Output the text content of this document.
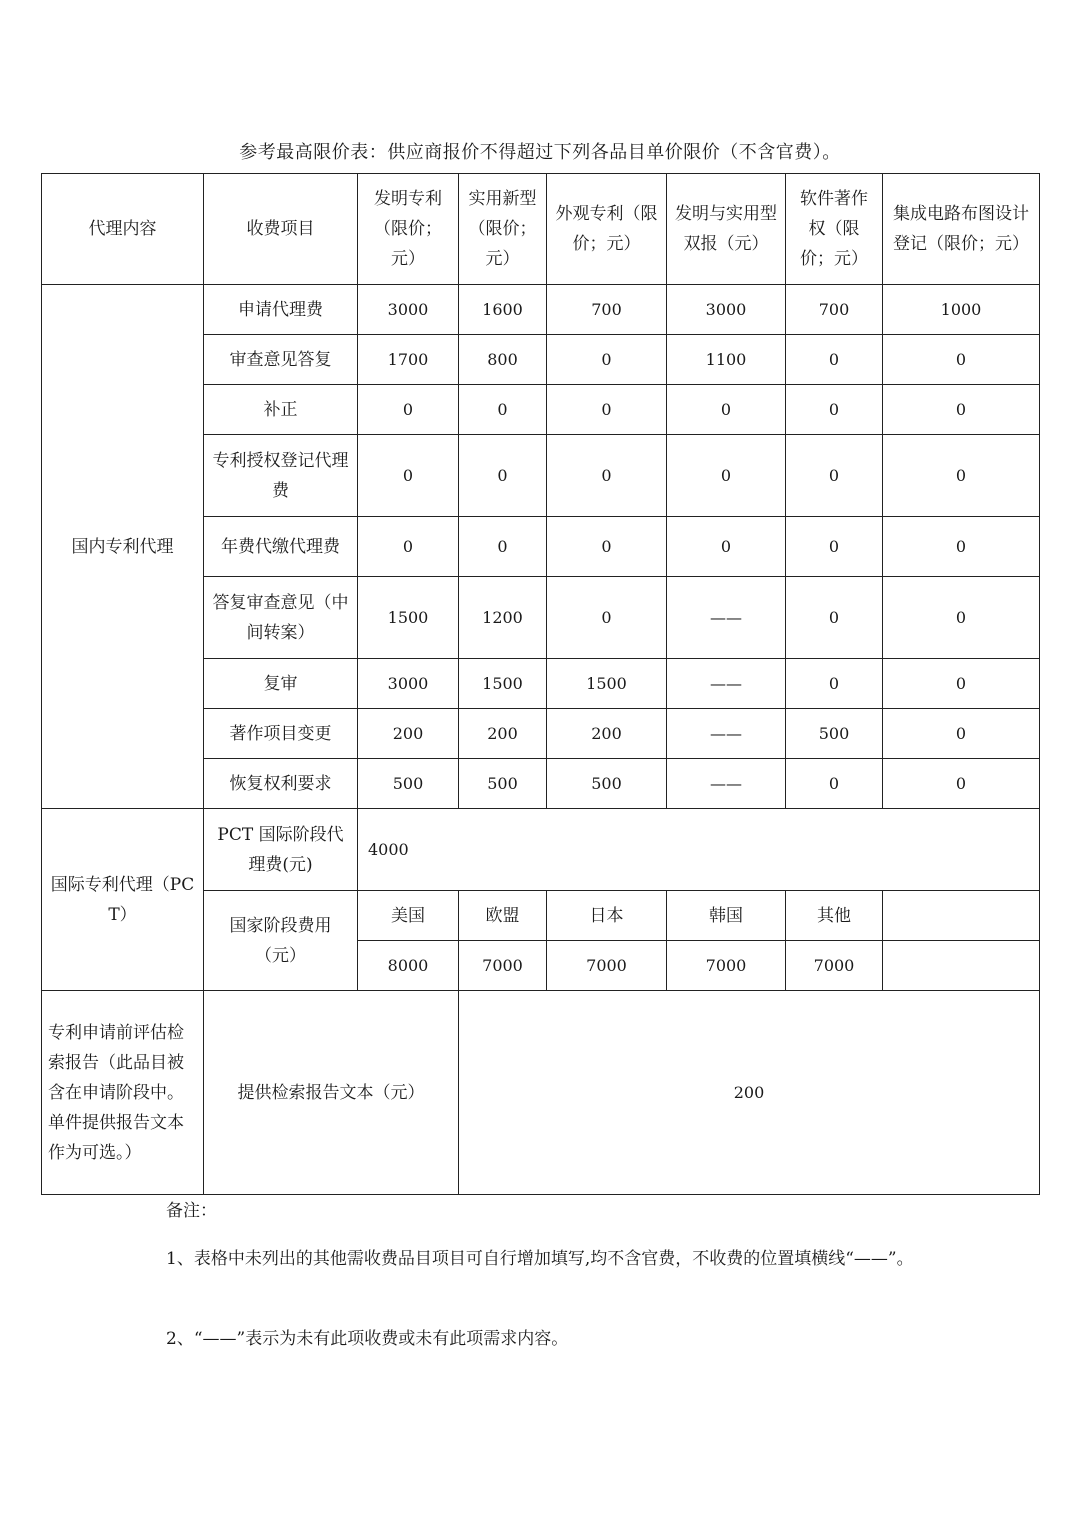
参考最高限价表：供应商报价不得超过下列各品目单价限价（不含官费）。
代理内容	收费项目	发明专利（限价；元）	实用新型（限价；元）	外观专利（限价；元）	发明与实用型双报（元）	软件著作权（限价；元）	集成电路布图设计登记（限价；元）
国内专利代理	申请代理费	3000	1600	700	3000	700	1000
	审查意见答复	1700	800	0	1100	0	0
	补正	0	0	0	0	0	0
	专利授权登记代理费	0	0	0	0	0	0
	年费代缴代理费	0	0	0	0	0	0
	答复审查意见（中间转案）	1500	1200	0	——	0	0
	复审	3000	1500	1500	——	0	0
	著作项目变更	200	200	200	——	500	0
	恢复权利要求	500	500	500	——	0	0
国际专利代理（PCT）	PCT 国际阶段代理费(元)	4000					
	国家阶段费用（元）	美国	欧盟	日本	韩国	其他	
		8000	7000	7000	7000	7000	
专利申请前评估检索报告（此品目被含在申请阶段中。单件提供报告文本作为可选。）	提供检索报告文本（元）		200				
备注：
1、表格中未列出的其他需收费品目项目可自行增加填写,均不含官费，不收费的位置填横线“——”。
2、“——”表示为未有此项收费或未有此项需求内容。
